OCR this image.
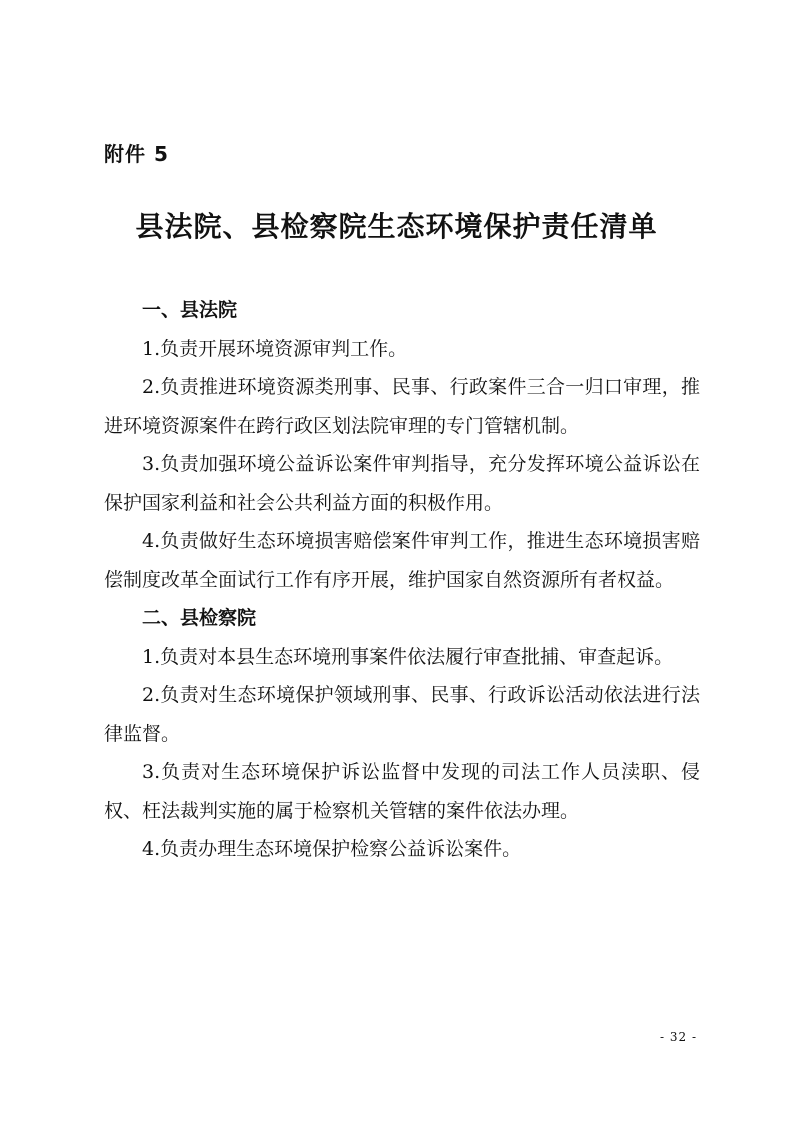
附件 5
县法院、县检察院生态环境保护责任清单

一、县法院

1.负责开展环境资源审判工作。

2.负责推进环境资源类刑事、民事、行政案件三合一归口审理，推进环境资源案件在跨行政区划法院审理的专门管辖机制。

3.负责加强环境公益诉讼案件审判指导，充分发挥环境公益诉讼在保护国家利益和社会公共利益方面的积极作用。

4.负责做好生态环境损害赔偿案件审判工作，推进生态环境损害赔偿制度改革全面试行工作有序开展，维护国家自然资源所有者权益。

二、县检察院

1.负责对本县生态环境刑事案件依法履行审查批捕、审查起诉。

2.负责对生态环境保护领域刑事、民事、行政诉讼活动依法进行法律监督。

3.负责对生态环境保护诉讼监督中发现的司法工作人员渎职、侵权、枉法裁判实施的属于检察机关管辖的案件依法办理。

4.负责办理生态环境保护检察公益诉讼案件。

- 32 -
